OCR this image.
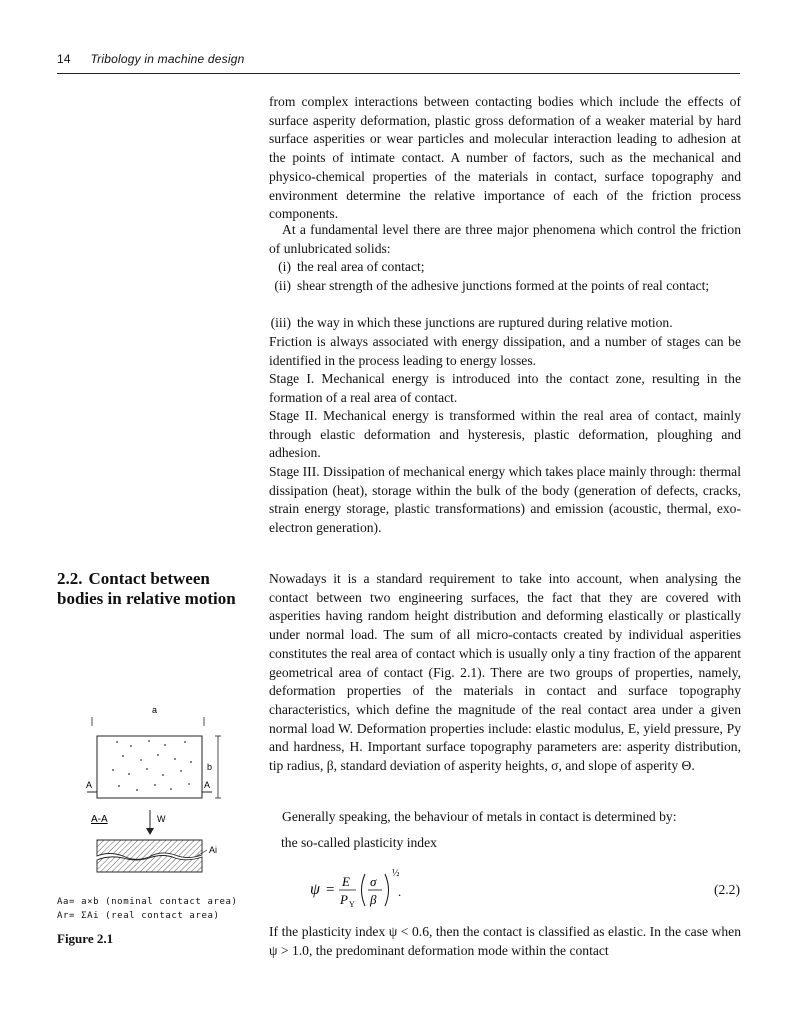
14 Tribology in machine design

from complex interactions between contacting bodies which include the effects of surface asperity deformation, plastic gross deformation of a weaker material by hard surface asperities or wear particles and molecular interaction leading to adhesion at the points of intimate contact. A number of factors, such as the mechanical and physico-chemical properties of the materials in contact, surface topography and environment determine the relative importance of each of the friction process components.

At a fundamental level there are three major phenomena which control the friction of unlubricated solids:

(i) the real area of contact;
(ii) shear strength of the adhesive junctions formed at the points of real contact;
(iii) the way in which these junctions are ruptured during relative motion.

Friction is always associated with energy dissipation, and a number of stages can be identified in the process leading to energy losses.

Stage I. Mechanical energy is introduced into the contact zone, resulting in the formation of a real area of contact.

Stage II. Mechanical energy is transformed within the real area of contact, mainly through elastic deformation and hysteresis, plastic deformation, ploughing and adhesion.

Stage III. Dissipation of mechanical energy which takes place mainly through: thermal dissipation (heat), storage within the bulk of the body (generation of defects, cracks, strain energy storage, plastic transformations) and emission (acoustic, thermal, exo-electron generation).

2.2. Contact between bodies in relative motion

Nowadays it is a standard requirement to take into account, when analysing the contact between two engineering surfaces, the fact that they are covered with asperities having random height distribution and deforming elastically or plastically under normal load. The sum of all micro-contacts created by individual asperities constitutes the real area of contact which is usually only a tiny fraction of the apparent geometrical area of contact (Fig. 2.1). There are two groups of properties, namely, deformation properties of the materials in contact and surface topography characteristics, which define the magnitude of the real contact area under a given normal load W. Deformation properties include: elastic modulus, E, yield pressure, Py and hardness, H. Important surface topography parameters are: asperity distribution, tip radius, β, standard deviation of asperity heights, σ, and slope of asperity Θ.

Generally speaking, the behaviour of metals in contact is determined by:

the so-called plasticity index

ψ =
E
P Y
σ
β
½
.	(2.2)

If the plasticity index ψ < 0.6, then the contact is classified as elastic. In the case when ψ > 1.0, the predominant deformation mode within the contact

a
b
A	A
A-A	W
Ai
Aa= a×b (nominal contact area)
Ar= ΣAi (real contact area)
Figure 2.1
